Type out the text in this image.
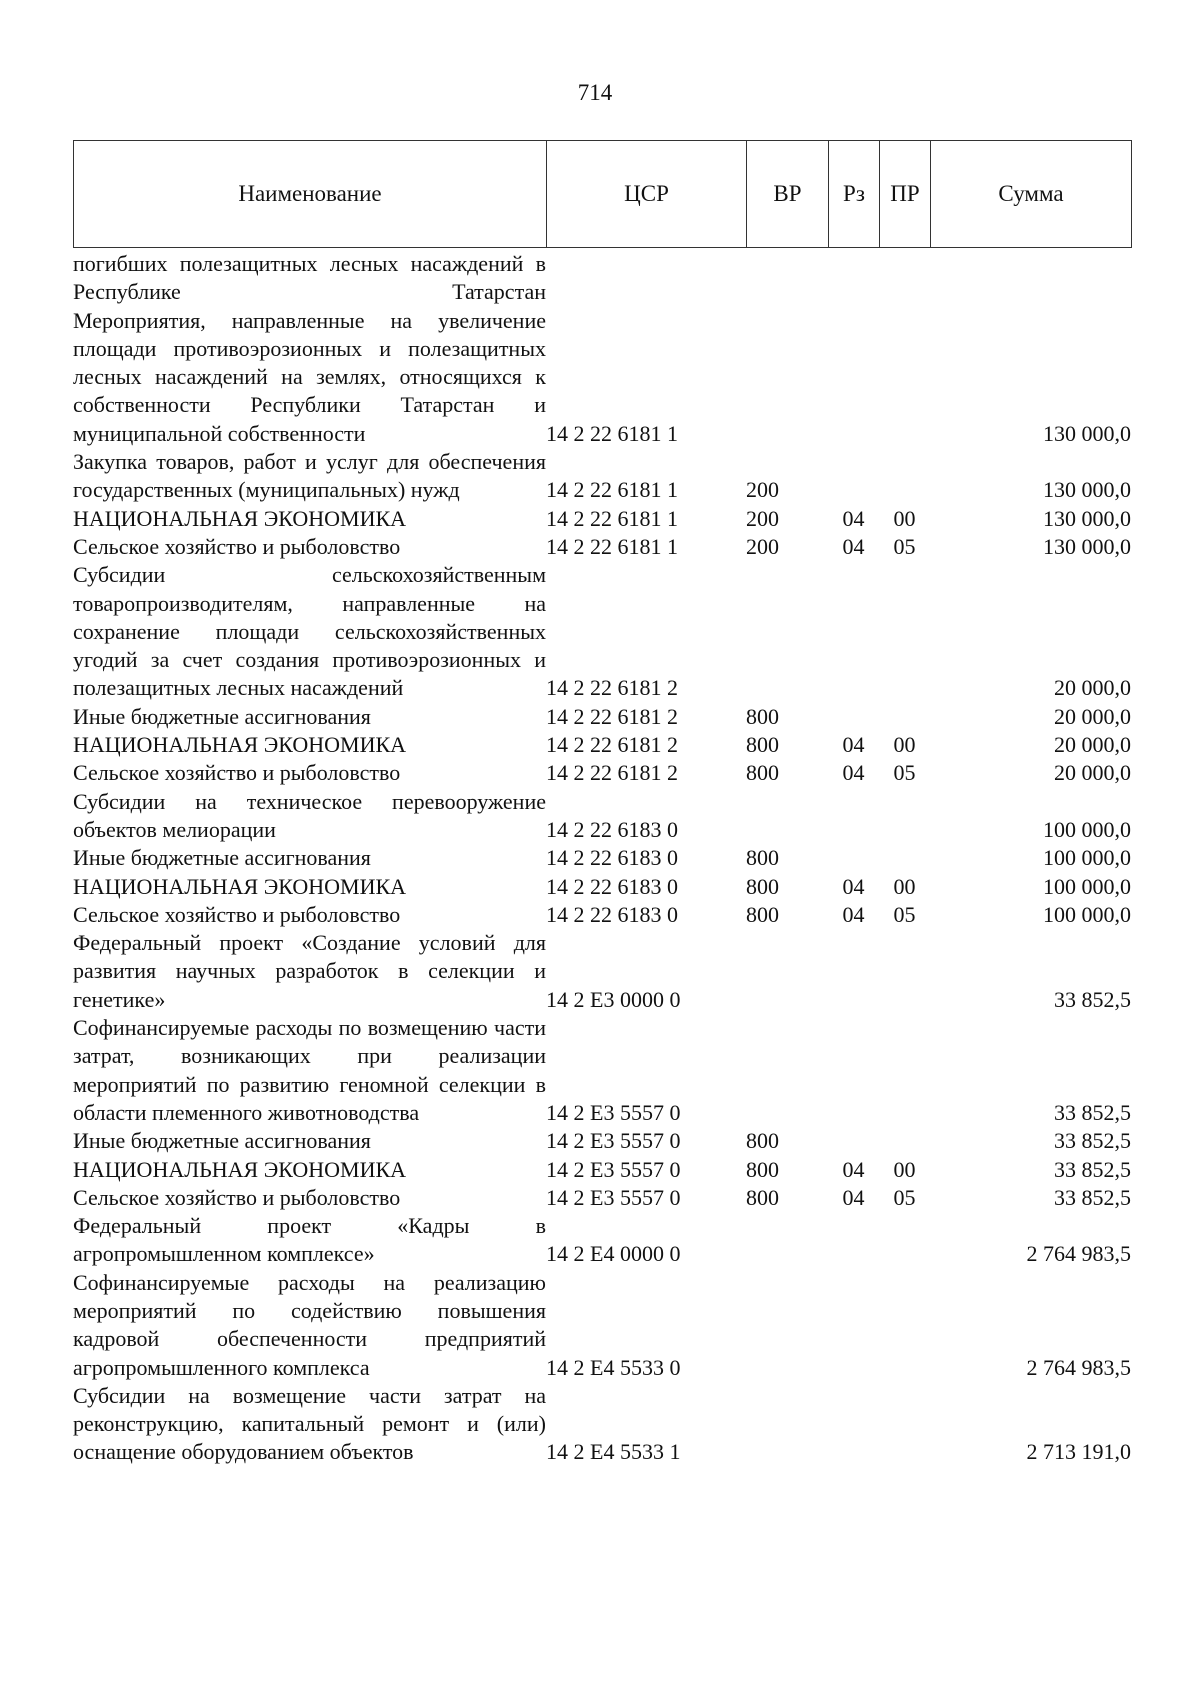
714
Наименование	ЦСР	ВР	Рз	ПР	Сумма
погибших полезащитных лесных насаждений в Республике Татарстан					
Мероприятия, направленные на увеличение площади противоэрозионных и полезащитных лесных насаждений на землях, относящихся к собственности Республики Татарстан и муниципальной собственности	14 2 22 6181 1				130 000,0
Закупка товаров, работ и услуг для обеспечения государственных (муниципальных) нужд	14 2 22 6181 1	200			130 000,0
НАЦИОНАЛЬНАЯ ЭКОНОМИКА	14 2 22 6181 1	200	04	00	130 000,0
Сельское хозяйство и рыболовство	14 2 22 6181 1	200	04	05	130 000,0
Субсидии сельскохозяйственным товаропроизводителям, направленные на сохранение площади сельскохозяйственных угодий за счет создания противоэрозионных и полезащитных лесных насаждений	14 2 22 6181 2				20 000,0
Иные бюджетные ассигнования	14 2 22 6181 2	800			20 000,0
НАЦИОНАЛЬНАЯ ЭКОНОМИКА	14 2 22 6181 2	800	04	00	20 000,0
Сельское хозяйство и рыболовство	14 2 22 6181 2	800	04	05	20 000,0
Субсидии на техническое перевооружение объектов мелиорации	14 2 22 6183 0				100 000,0
Иные бюджетные ассигнования	14 2 22 6183 0	800			100 000,0
НАЦИОНАЛЬНАЯ ЭКОНОМИКА	14 2 22 6183 0	800	04	00	100 000,0
Сельское хозяйство и рыболовство	14 2 22 6183 0	800	04	05	100 000,0
Федеральный проект «Создание условий для развития научных разработок в селекции и генетике»	14 2 E3 0000 0				33 852,5
Софинансируемые расходы по возмещению части затрат, возникающих при реализации мероприятий по развитию геномной селекции в области племенного животноводства	14 2 E3 5557 0				33 852,5
Иные бюджетные ассигнования	14 2 E3 5557 0	800			33 852,5
НАЦИОНАЛЬНАЯ ЭКОНОМИКА	14 2 E3 5557 0	800	04	00	33 852,5
Сельское хозяйство и рыболовство	14 2 E3 5557 0	800	04	05	33 852,5
Федеральный проект «Кадры в агропромышленном комплексе»	14 2 E4 0000 0				2 764 983,5
Софинансируемые расходы на реализацию мероприятий по содействию повышения кадровой обеспеченности предприятий агропромышленного комплекса	14 2 E4 5533 0				2 764 983,5
Субсидии на возмещение части затрат на реконструкцию, капитальный ремонт и (или) оснащение оборудованием объектов	14 2 E4 5533 1				2 713 191,0
